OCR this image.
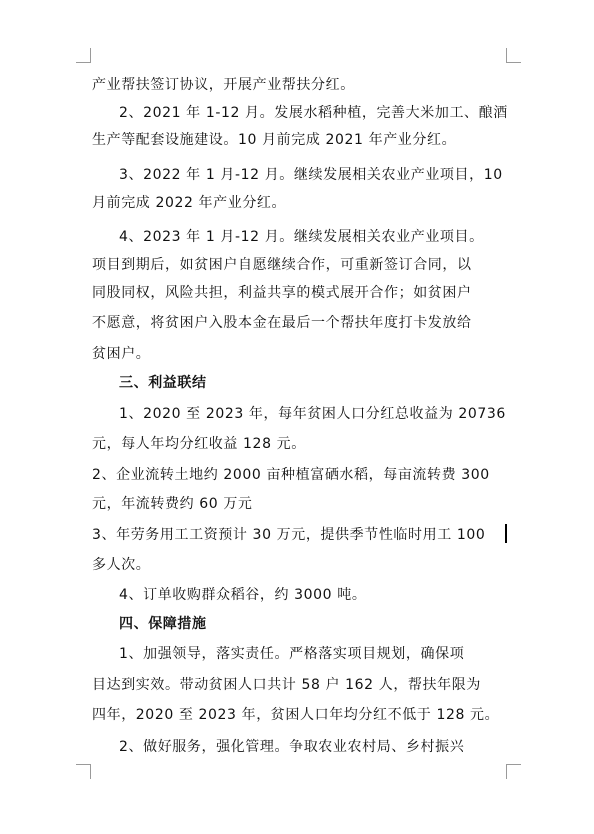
产业帮扶签订协议，开展产业帮扶分红。
2、2021 年 1-12 月。发展水稻种植，完善大米加工、酿酒
生产等配套设施建设。10 月前完成 2021 年产业分红。
3、2022 年 1 月-12 月。继续发展相关农业产业项目，10
月前完成 2022 年产业分红。
4、2023 年 1 月-12 月。继续发展相关农业产业项目。
项目到期后，如贫困户自愿继续合作，可重新签订合同，以
同股同权，风险共担，利益共享的模式展开合作；如贫困户
不愿意，将贫困户入股本金在最后一个帮扶年度打卡发放给
贫困户。
三、利益联结
1、2020 至 2023 年，每年贫困人口分红总收益为 20736
元，每人年均分红收益 128 元。
2、企业流转土地约 2000 亩种植富硒水稻，每亩流转费 300
元，年流转费约 60 万元
3、年劳务用工工资预计 30 万元，提供季节性临时用工 100
多人次。
4、订单收购群众稻谷，约 3000 吨。
四、保障措施
1、加强领导，落实责任。严格落实项目规划，确保项
目达到实效。带动贫困人口共计 58 户 162 人，帮扶年限为
四年，2020 至 2023 年，贫困人口年均分红不低于 128 元。
2、做好服务，强化管理。争取农业农村局、乡村振兴
